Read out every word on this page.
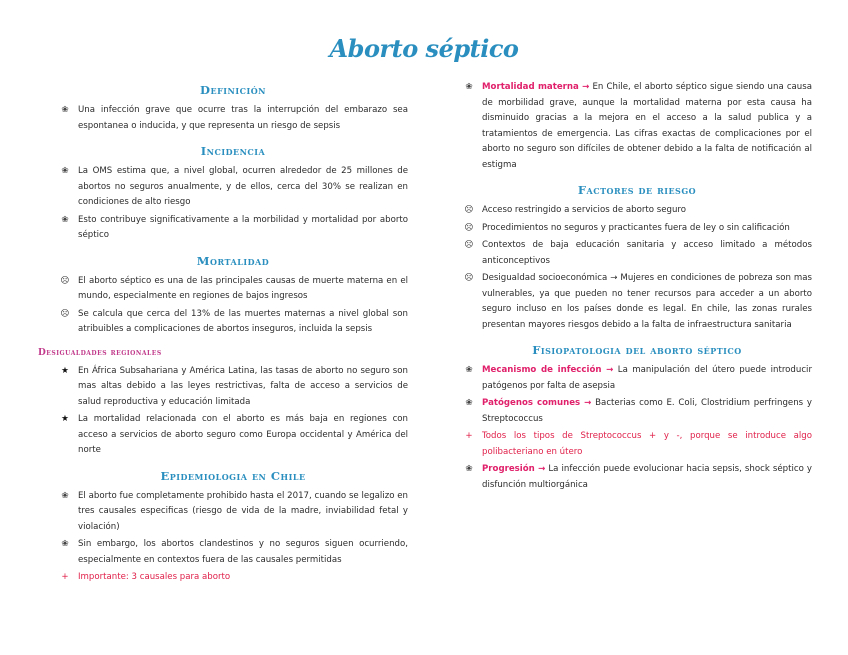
Aborto séptico
Definición
❀	Una infección grave que ocurre tras la interrupción del embarazo sea espontanea o inducida, y que representa un riesgo de sepsis
Incidencia
❀	La OMS estima que, a nivel global, ocurren alrededor de 25 millones de abortos no seguros anualmente, y de ellos, cerca del 30% se realizan en condiciones de alto riesgo
❀	Esto contribuye significativamente a la morbilidad y mortalidad por aborto séptico
Mortalidad
☹ El aborto séptico es una de las principales causas de muerte materna en el mundo, especialmente en regiones de bajos ingresos
☹ Se calcula que cerca del 13% de las muertes maternas a nivel global son atribuibles a complicaciones de abortos inseguros, incluida la sepsis
Desigualdades regionales
★	En África Subsahariana y América Latina, las tasas de aborto no seguro son mas altas debido a las leyes restrictivas, falta de acceso a servicios de salud reproductiva y educación limitada
★	La mortalidad relacionada con el aborto es más baja en regiones con acceso a servicios de aborto seguro como Europa occidental y América del norte
Epidemiologia en Chile
❀	El aborto fue completamente prohibido hasta el 2017, cuando se legalizo en tres causales especificas (riesgo de vida de la madre, inviabilidad fetal y violación)
❀	Sin embargo, los abortos clandestinos y no seguros siguen ocurriendo, especialmente en contextos fuera de las causales permitidas
+	Importante: 3 causales para aborto
❀	Mortalidad materna → En Chile, el aborto séptico sigue siendo una causa de morbilidad grave, aunque la mortalidad materna por esta causa ha disminuido gracias a la mejora en el acceso a la salud publica y a tratamientos de emergencia. Las cifras exactas de complicaciones por el aborto no seguro son difíciles de obtener debido a la falta de notificación al estigma
Factores de riesgo
☹ Acceso restringido a servicios de aborto seguro
☹ Procedimientos no seguros y practicantes fuera de ley o sin calificación
☹ Contextos de baja educación sanitaria y acceso limitado a métodos anticonceptivos
☹ Desigualdad socioeconómica → Mujeres en condiciones de pobreza son mas vulnerables, ya que pueden no tener recursos para acceder a un aborto seguro incluso en los países donde es legal. En chile, las zonas rurales presentan mayores riesgos debido a la falta de infraestructura sanitaria
Fisiopatologia del aborto séptico
❀	Mecanismo de infección → La manipulación del útero puede introducir patógenos por falta de asepsia
❀	Patógenos comunes → Bacterias como E. Coli, Clostridium perfringens y Streptococcus
+	Todos los tipos de Streptococcus + y -, porque se introduce algo polibacteriano en útero
❀	Progresión → La infección puede evolucionar hacia sepsis, shock séptico y disfunción multiorgánica
